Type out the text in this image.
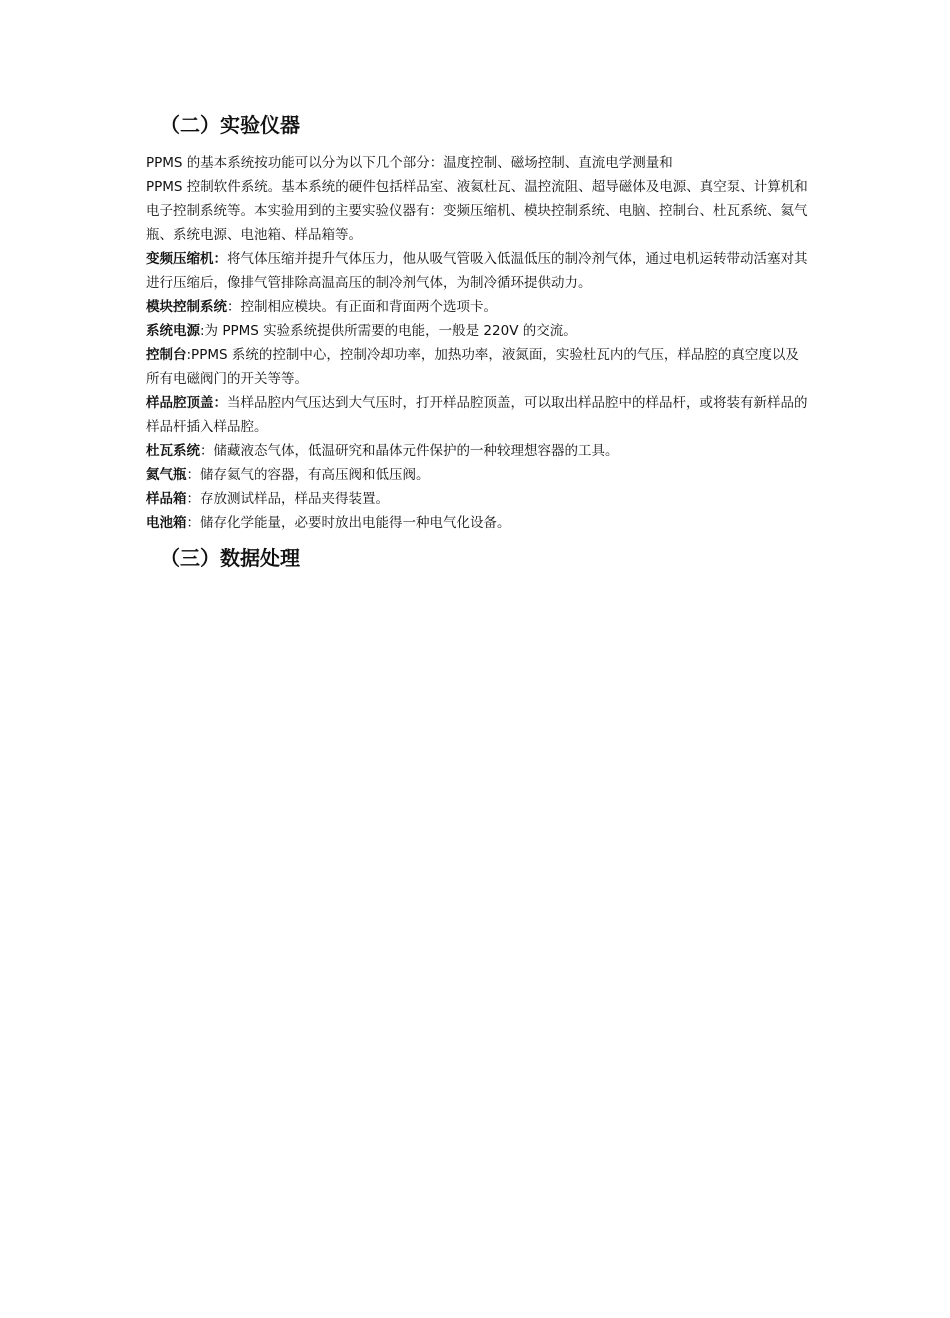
（二）实验仪器

PPMS 的基本系统按功能可以分为以下几个部分：温度控制、磁场控制、直流电学测量和
PPMS 控制软件系统。基本系统的硬件包括样品室、液氦杜瓦、温控流阻、超导磁体及电源、真空泵、计算机和电子控制系统等。本实验用到的主要实验仪器有：变频压缩机、模块控制系统、电脑、控制台、杜瓦系统、氦气瓶、系统电源、电池箱、样品箱等。

变频压缩机：将气体压缩并提升气体压力，他从吸气管吸入低温低压的制冷剂气体，通过电机运转带动活塞对其进行压缩后，像排气管排除高温高压的制冷剂气体，为制冷循环提供动力。

模块控制系统：控制相应模块。有正面和背面两个选项卡。

系统电源:为 PPMS 实验系统提供所需要的电能，一般是 220V 的交流。

控制台:PPMS 系统的控制中心，控制冷却功率，加热功率，液氮面，实验杜瓦内的气压，样品腔的真空度以及所有电磁阀门的开关等等。

样品腔顶盖：当样品腔内气压达到大气压时，打开样品腔顶盖，可以取出样品腔中的样品杆，或将装有新样品的样品杆插入样品腔。

杜瓦系统：储藏液态气体，低温研究和晶体元件保护的一种较理想容器的工具。

氦气瓶：储存氦气的容器，有高压阀和低压阀。

样品箱：存放测试样品，样品夹得装置。

电池箱：储存化学能量，必要时放出电能得一种电气化设备。

（三）数据处理
